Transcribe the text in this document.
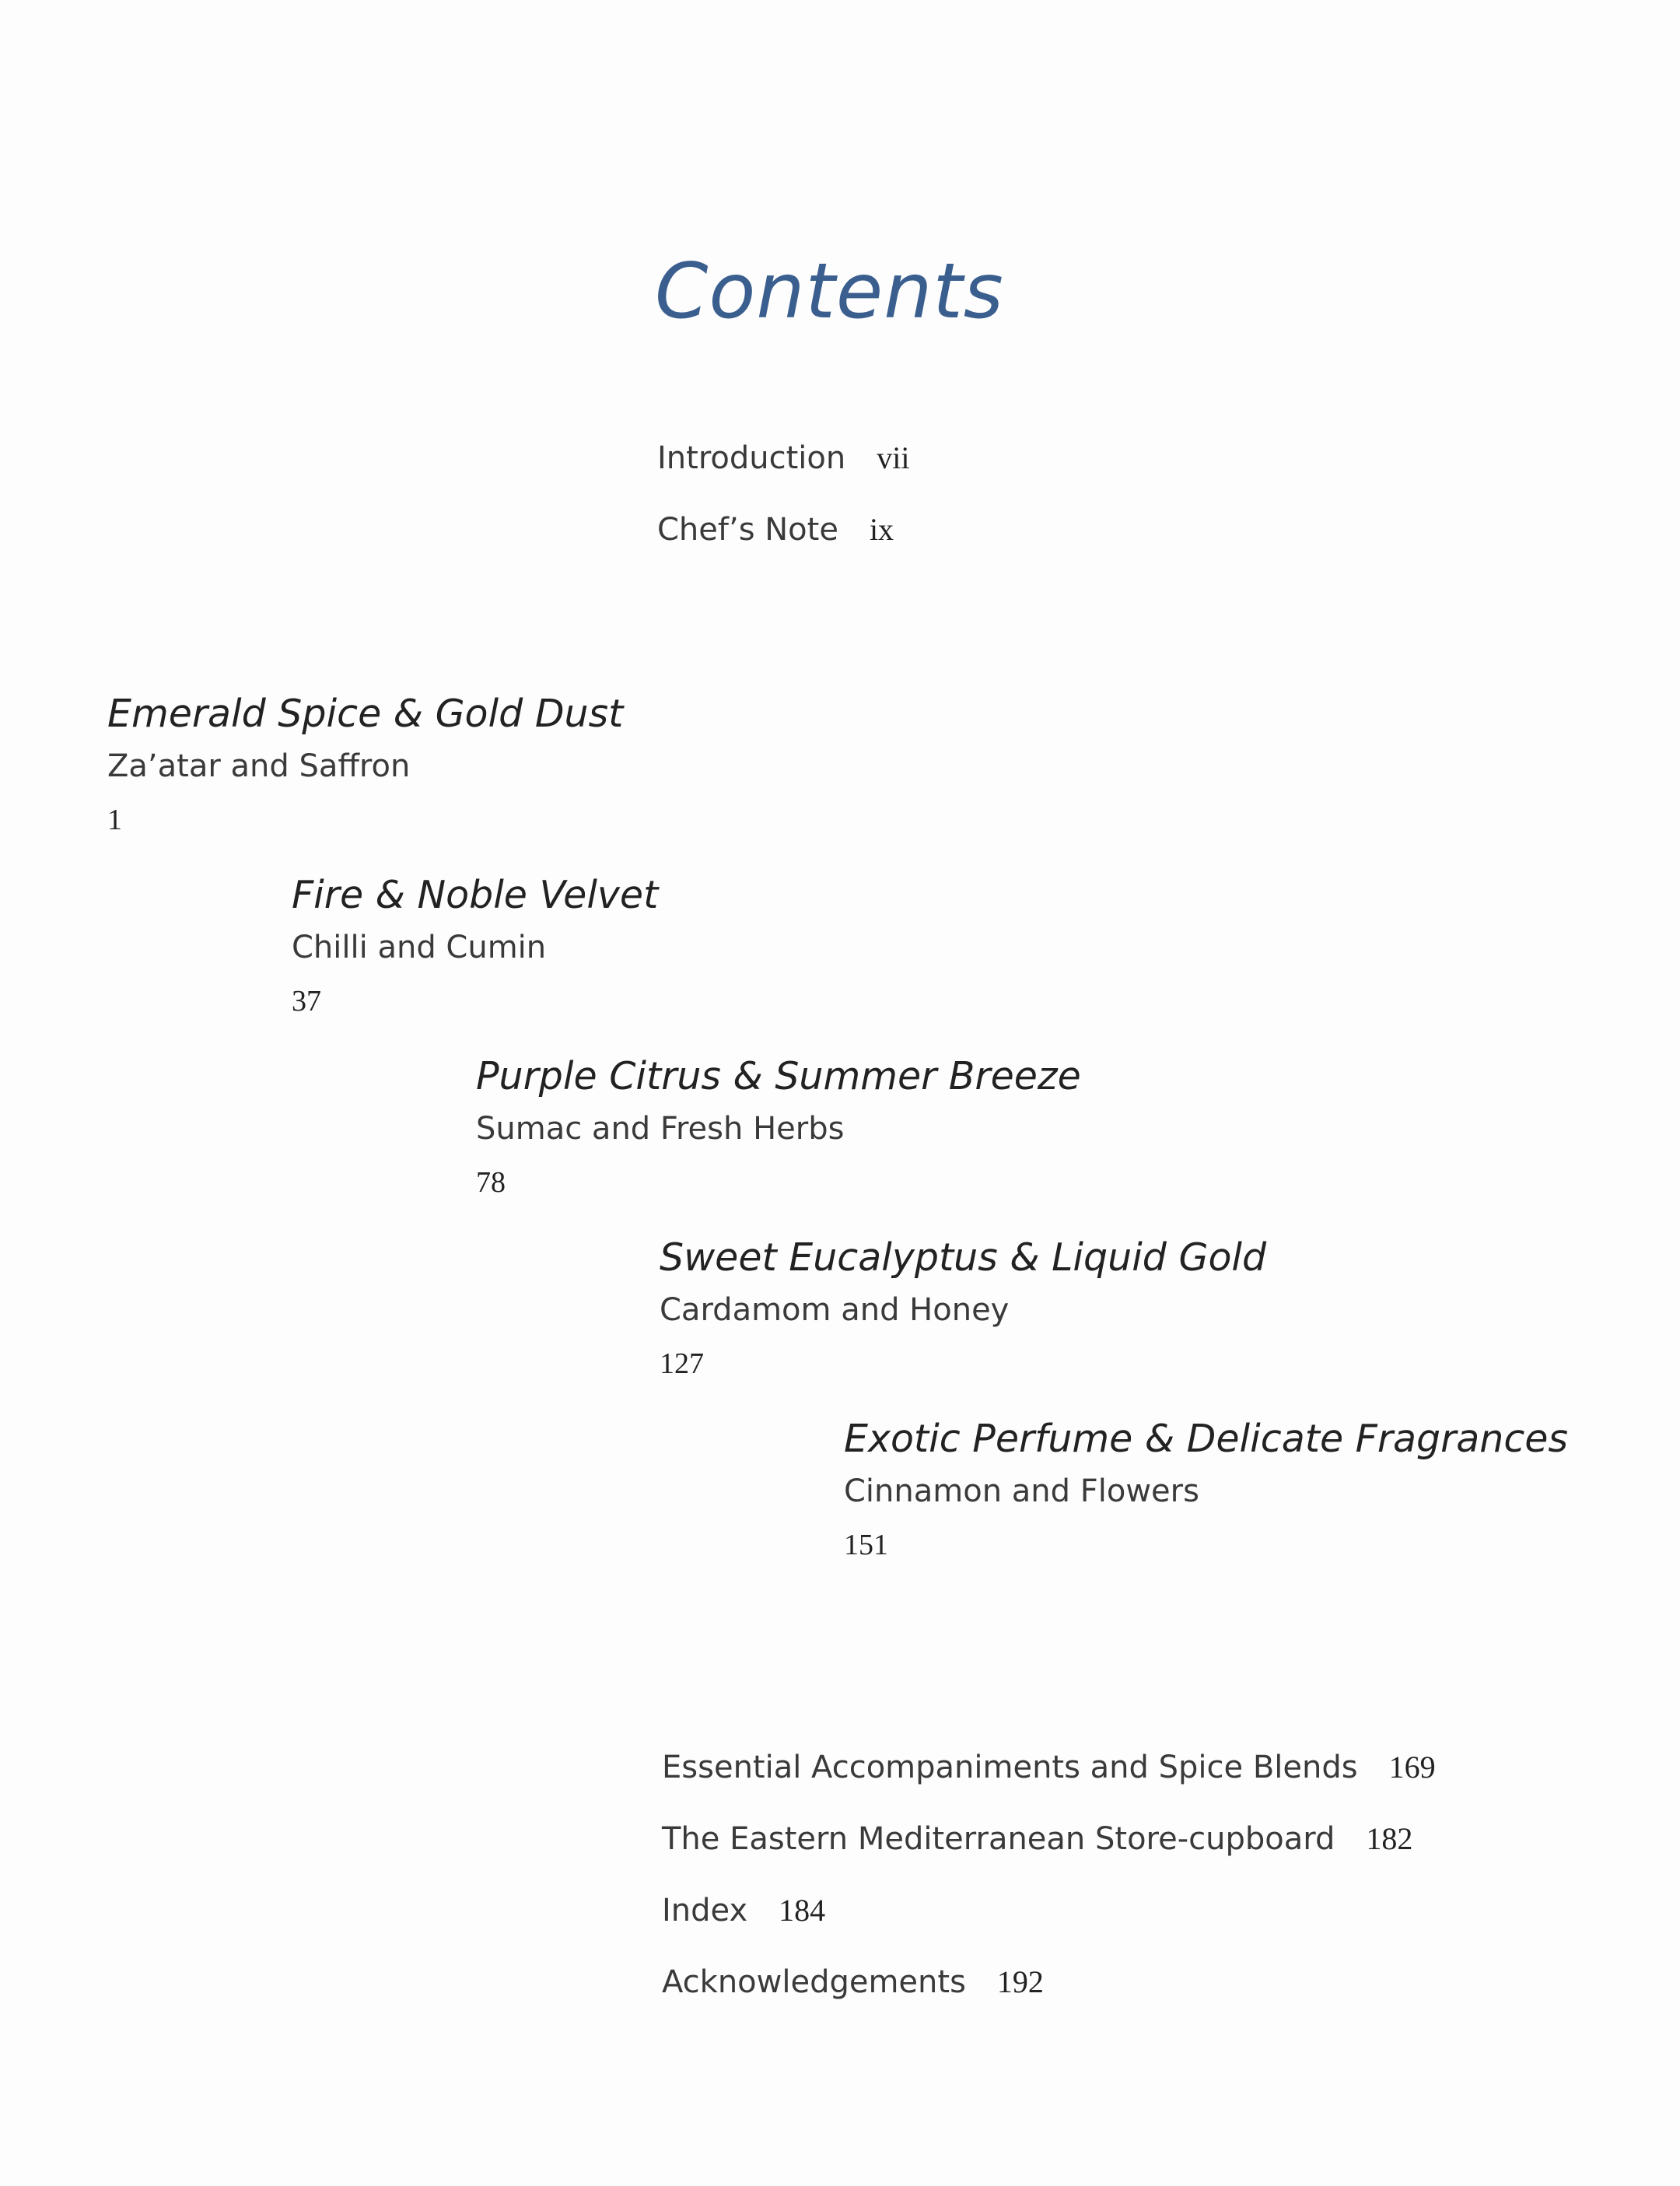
Contents
Introduction vii
Chef’s Note ix
Emerald Spice & Gold Dust
Za’atar and Saffron
1
Fire & Noble Velvet
Chilli and Cumin
37
Purple Citrus & Summer Breeze
Sumac and Fresh Herbs
78
Sweet Eucalyptus & Liquid Gold
Cardamom and Honey
127
Exotic Perfume & Delicate Fragrances
Cinnamon and Flowers
151
Essential Accompaniments and Spice Blends 169
The Eastern Mediterranean Store-cupboard 182
Index 184
Acknowledgements 192
